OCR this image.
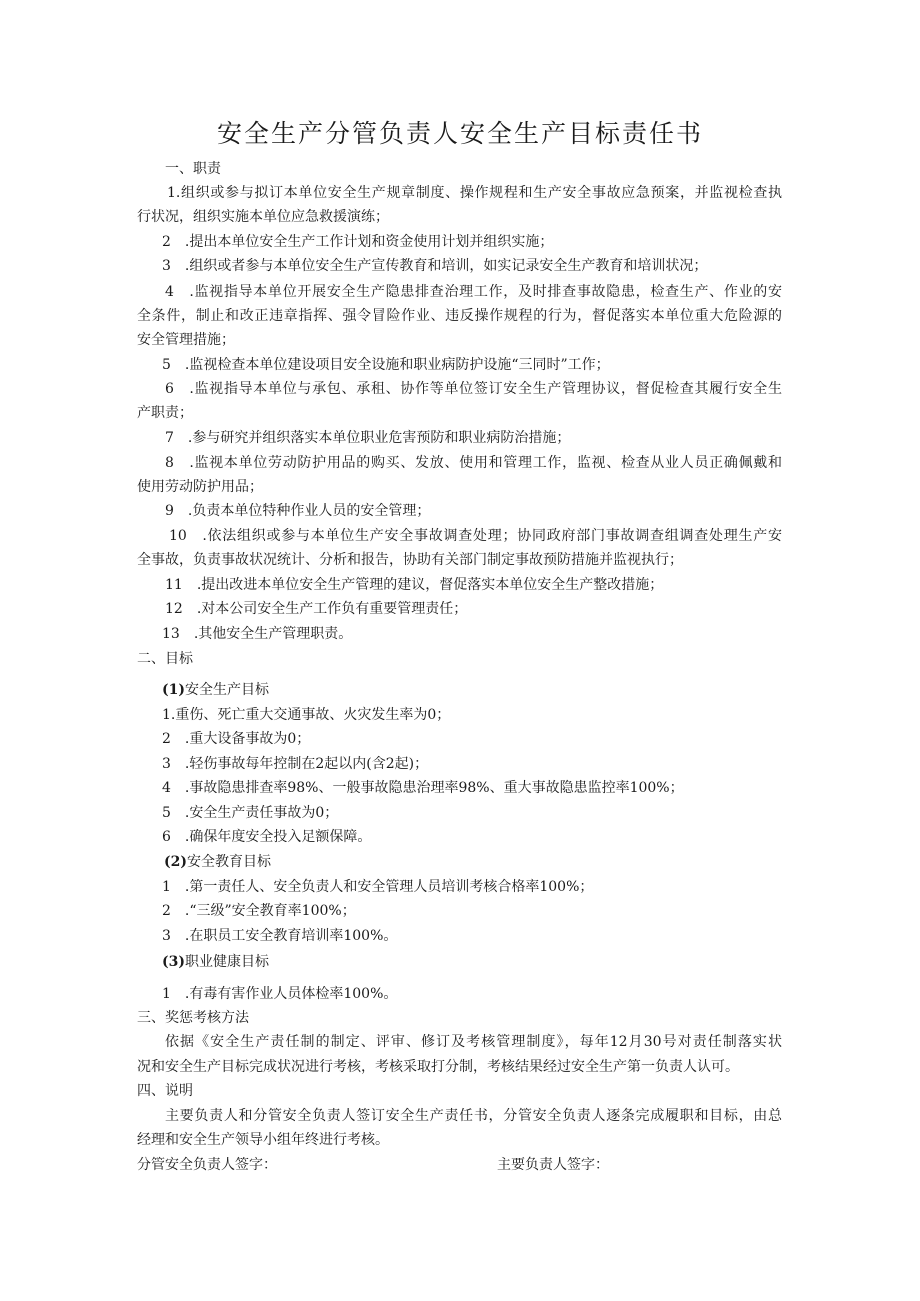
安全生产分管负责人安全生产目标责任书
一、职责
1.组织或参与拟订本单位安全生产规章制度、操作规程和生产安全事故应急预案，并监视检查执
行状况，组织实施本单位应急救援演练；
2　.提出本单位安全生产工作计划和资金使用计划并组织实施；
3　.组织或者参与本单位安全生产宣传教育和培训，如实记录安全生产教育和培训状况；
4　.监视指导本单位开展安全生产隐患排查治理工作，及时排查事故隐患，检查生产、作业的安
全条件，制止和改正违章指挥、强令冒险作业、违反操作规程的行为，督促落实本单位重大危险源的
安全管理措施；
5　.监视检查本单位建设项目安全设施和职业病防护设施“三同时”工作；
6　.监视指导本单位与承包、承租、协作等单位签订安全生产管理协议，督促检查其履行安全生
产职责；
7　.参与研究并组织落实本单位职业危害预防和职业病防治措施；
8　.监视本单位劳动防护用品的购买、发放、使用和管理工作，监视、检查从业人员正确佩戴和
使用劳动防护用品；
9　.负责本单位特种作业人员的安全管理；
10　.依法组织或参与本单位生产安全事故调查处理；协同政府部门事故调查组调查处理生产安
全事故，负责事故状况统计、分析和报告，协助有关部门制定事故预防措施并监视执行；
11　.提出改进本单位安全生产管理的建议，督促落实本单位安全生产整改措施；
12　.对本公司安全生产工作负有重要管理责任；
13　.其他安全生产管理职责。
二、目标
(1)安全生产目标
1.重伤、死亡重大交通事故、火灾发生率为0；
2　.重大设备事故为0；
3　.轻伤事故每年控制在2起以内(含2起)；
4　.事故隐患排查率98%、一般事故隐患治理率98%、重大事故隐患监控率100%；
5　.安全生产责任事故为0；
6　.确保年度安全投入足额保障。
(2)安全教育目标
1　.第一责任人、安全负责人和安全管理人员培训考核合格率100%；
2　.“三级”安全教育率100%；
3　.在职员工安全教育培训率100%。
(3)职业健康目标
1　.有毒有害作业人员体检率100%。
三、奖惩考核方法
依据《安全生产责任制的制定、评审、修订及考核管理制度》，每年12月30号对责任制落实状
况和安全生产目标完成状况进行考核，考核采取打分制，考核结果经过安全生产第一负责人认可。
四、说明
主要负责人和分管安全负责人签订安全生产责任书，分管安全负责人逐条完成履职和目标，由总
经理和安全生产领导小组年终进行考核。
分管安全负责人签字：	主要负责人签字：
